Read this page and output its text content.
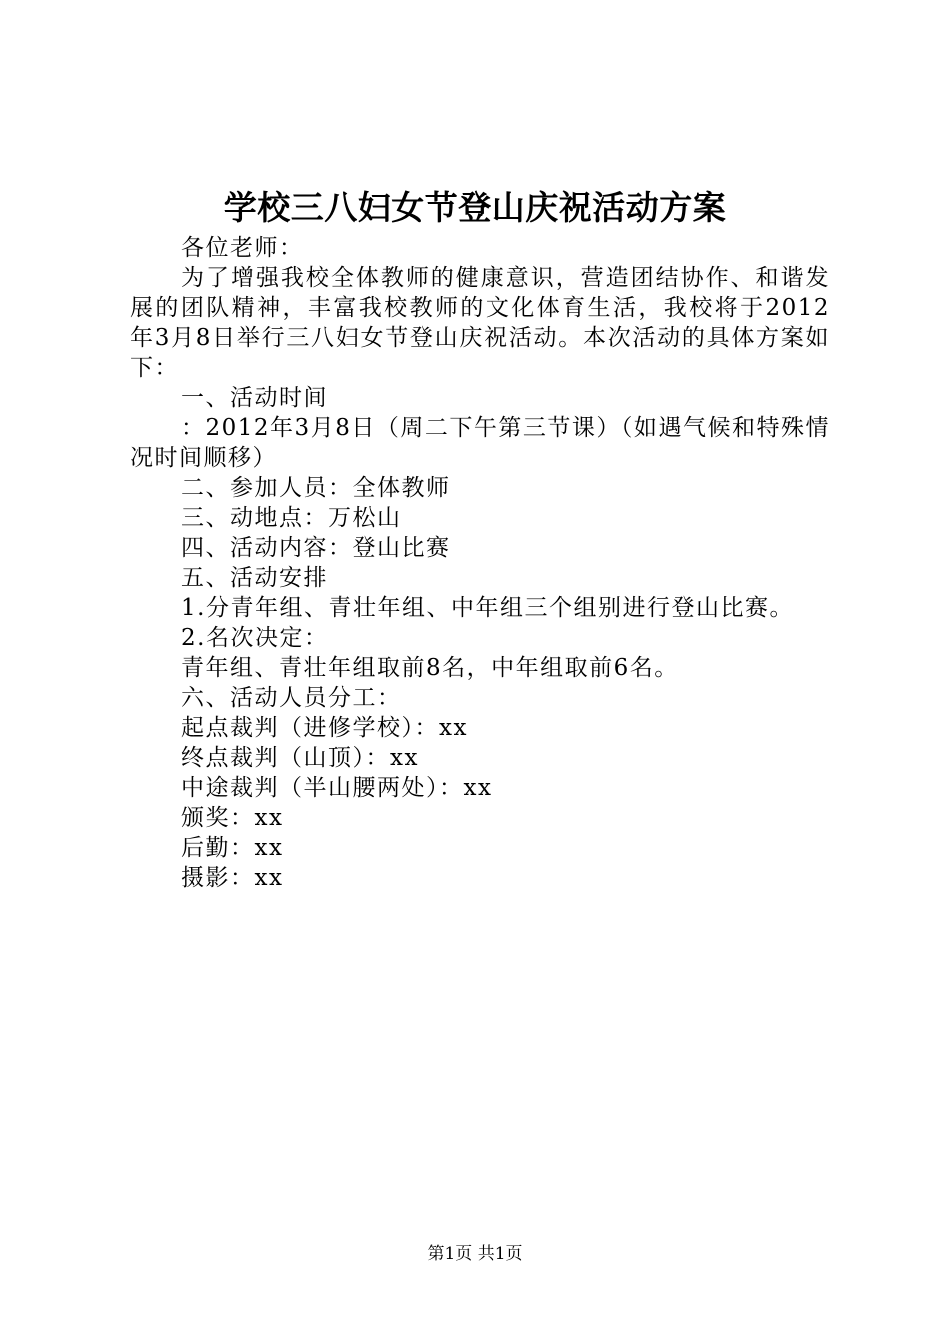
学校三八妇女节登山庆祝活动方案

各位老师：

为了增强我校全体教师的健康意识，营造团结协作、和谐发展的团队精神，丰富我校教师的文化体育生活，我校将于2012年3月8日举行三八妇女节登山庆祝活动。本次活动的具体方案如下：

一、活动时间

：2012年3月8日（周二下午第三节课）（如遇气候和特殊情况时间顺移）

二、参加人员：全体教师

三、动地点：万松山

四、活动内容：登山比赛

五、活动安排

1.分青年组、青壮年组、中年组三个组别进行登山比赛。

2.名次决定：

青年组、青壮年组取前8名，中年组取前6名。

六、活动人员分工：

起点裁判（进修学校）：xx

终点裁判（山顶）：xx

中途裁判（半山腰两处）：xx

颁奖：xx

后勤：xx

摄影：xx

第1页 共1页
